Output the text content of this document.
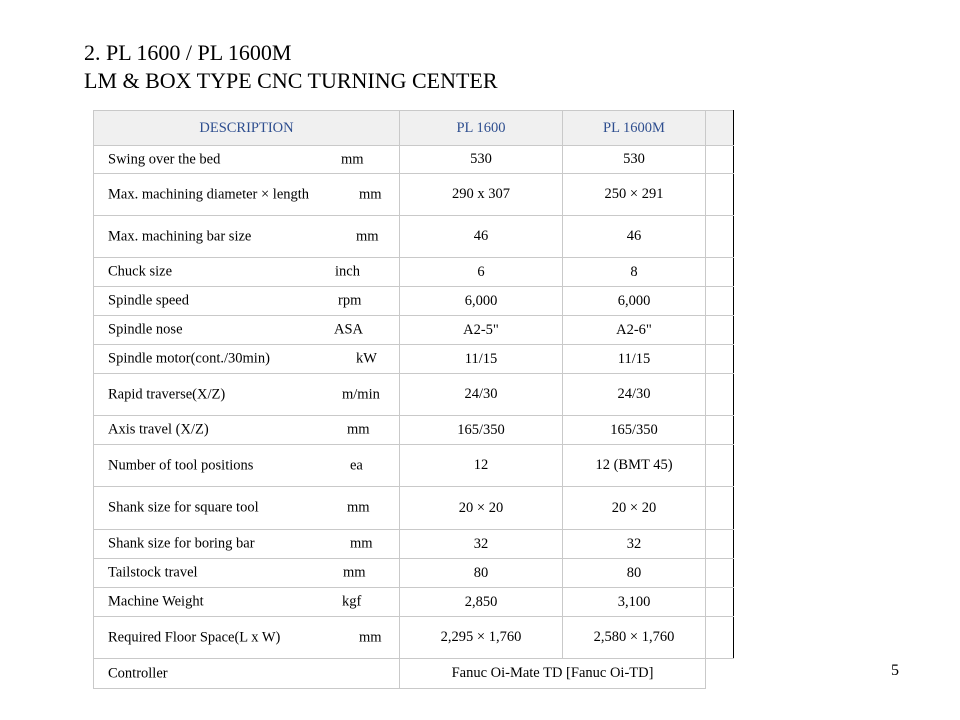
2. PL 1600 / PL 1600M
LM & BOX TYPE CNC TURNING CENTER
DESCRIPTION	PL 1600	PL 1600M	

Swing over the bed mm	530	530	

Max. machining diameter × length mm	290 x 307	250 × 291	

Max. machining bar size mm	46	46	

Chuck size inch	6	8	

Spindle speed rpm	6,000	6,000	

Spindle nose ASA	A2-5"	A2-6"	

Spindle motor(cont./30min) kW	11/15	11/15	

Rapid traverse(X/Z) m/min	24/30	24/30	

Axis travel (X/Z) mm	165/350	165/350	

Number of tool positions ea	12	12 (BMT 45)	

Shank size for square tool mm	20 × 20	20 × 20	

Shank size for boring bar mm	32	32	

Tailstock travel mm	80	80	

Machine Weight kgf	2,850	3,100	

Required Floor Space(L x W) mm	2,295 × 1,760	2,580 × 1,760	

Controller	Fanuc Oi-Mate TD [Fanuc Oi-TD]			5
